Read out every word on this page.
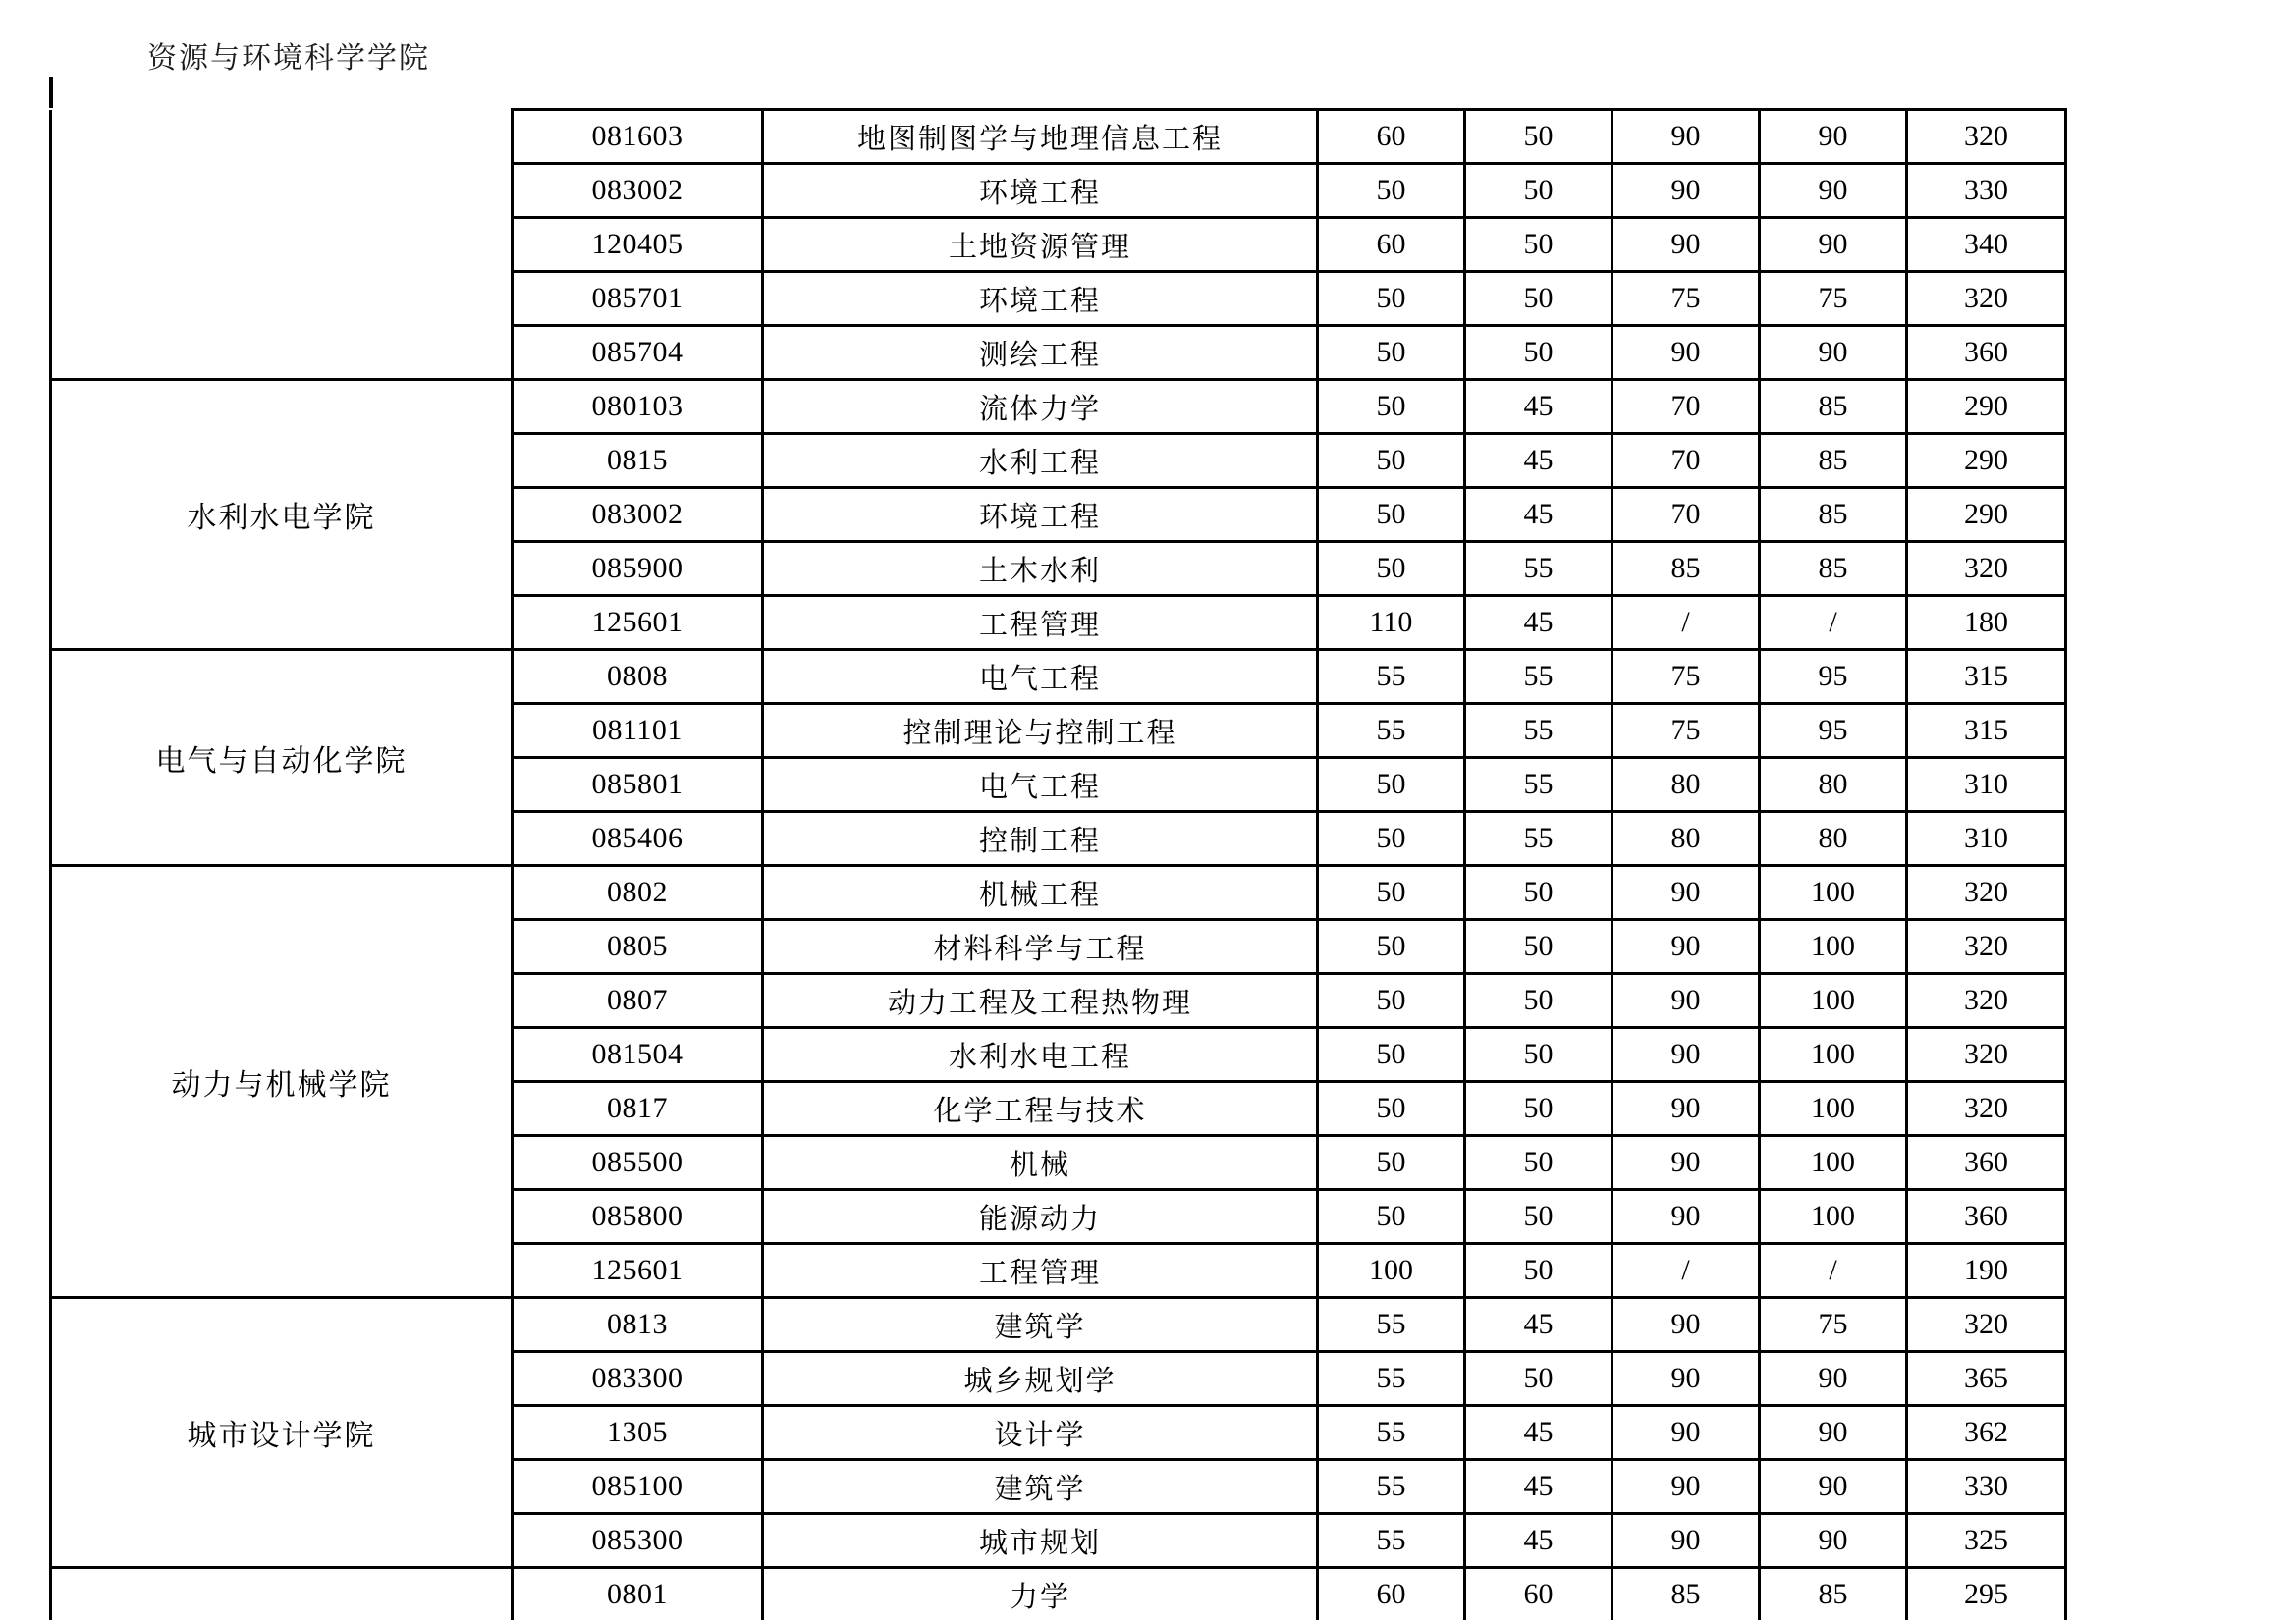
资源与环境科学学院
	081603	地图制图学与地理信息工程	60	50	90	90	320
	083002	环境工程	50	50	90	90	330
	120405	土地资源管理	60	50	90	90	340
	085701	环境工程	50	50	75	75	320
	085704	测绘工程	50	50	90	90	360
水利水电学院	080103	流体力学	50	45	70	85	290
	0815	水利工程	50	45	70	85	290
	083002	环境工程	50	45	70	85	290
	085900	土木水利	50	55	85	85	320
	125601	工程管理	110	45	/	/	180
电气与自动化学院	0808	电气工程	55	55	75	95	315
	081101	控制理论与控制工程	55	55	75	95	315
	085801	电气工程	50	55	80	80	310
	085406	控制工程	50	55	80	80	310
动力与机械学院	0802	机械工程	50	50	90	100	320
	0805	材料科学与工程	50	50	90	100	320
	0807	动力工程及工程热物理	50	50	90	100	320
	081504	水利水电工程	50	50	90	100	320
	0817	化学工程与技术	50	50	90	100	320
	085500	机械	50	50	90	100	360
	085800	能源动力	50	50	90	100	360
	125601	工程管理	100	50	/	/	190
城市设计学院	0813	建筑学	55	45	90	75	320
	083300	城乡规划学	55	50	90	90	365
	1305	设计学	55	45	90	90	362
	085100	建筑学	55	45	90	90	330
	085300	城市规划	55	45	90	90	325
	0801	力学	60	60	85	85	295
